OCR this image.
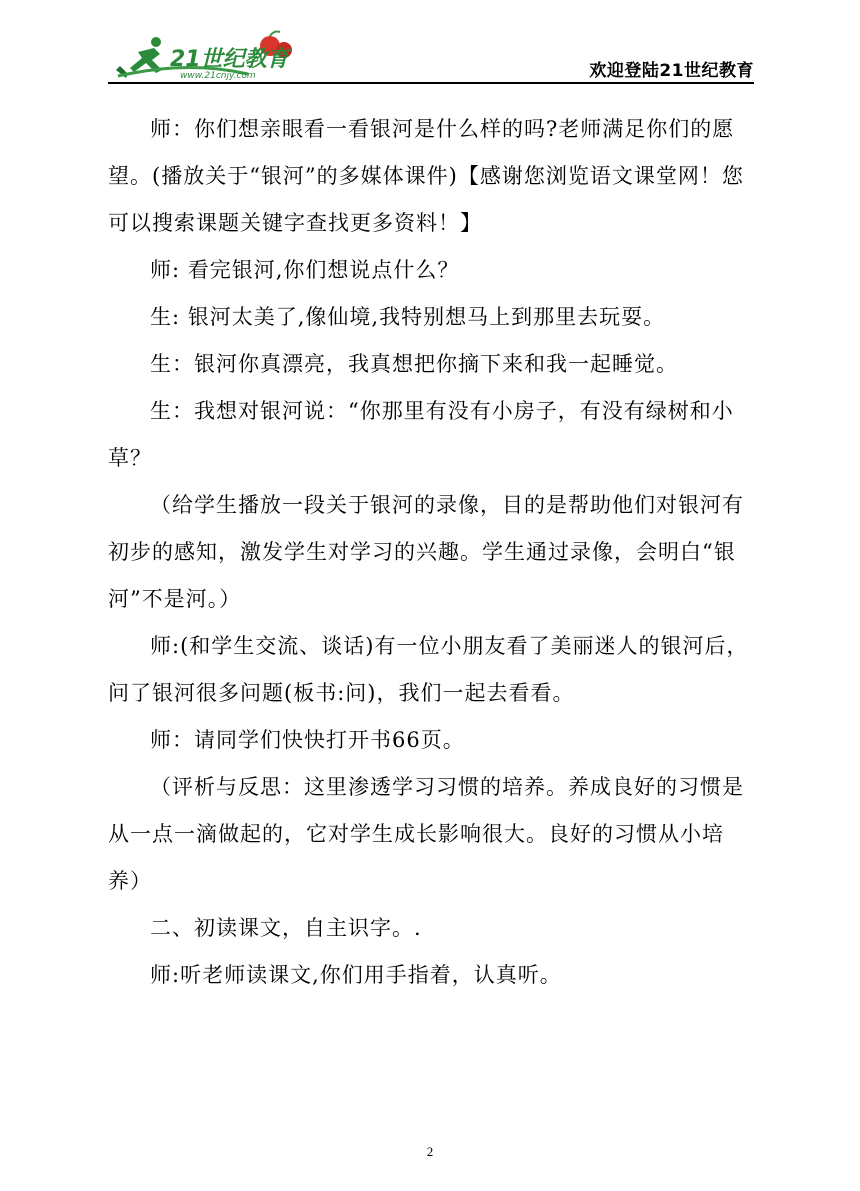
21世纪教育
www.21cnjy.com	欢迎登陆21世纪教育

师：你们想亲眼看一看银河是什么样的吗?老师满足你们的愿望。(播放关于“银河”的多媒体课件)【感谢您浏览语文课堂网！您可以搜索课题关键字查找更多资料！】

师: 看完银河,你们想说点什么？

生: 银河太美了,像仙境,我特别想马上到那里去玩耍。

生：银河你真漂亮，我真想把你摘下来和我一起睡觉。

生：我想对银河说：“你那里有没有小房子，有没有绿树和小草？

（给学生播放一段关于银河的录像，目的是帮助他们对银河有初步的感知，激发学生对学习的兴趣。学生通过录像，会明白“银河”不是河。）

师:(和学生交流、谈话)有一位小朋友看了美丽迷人的银河后，问了银河很多问题(板书:问)，我们一起去看看。

师：请同学们快快打开书66页。

（评析与反思：这里渗透学习习惯的培养。养成良好的习惯是从一点一滴做起的，它对学生成长影响很大。良好的习惯从小培养）

二、初读课文，自主识字。.

师:听老师读课文,你们用手指着，认真听。

2
